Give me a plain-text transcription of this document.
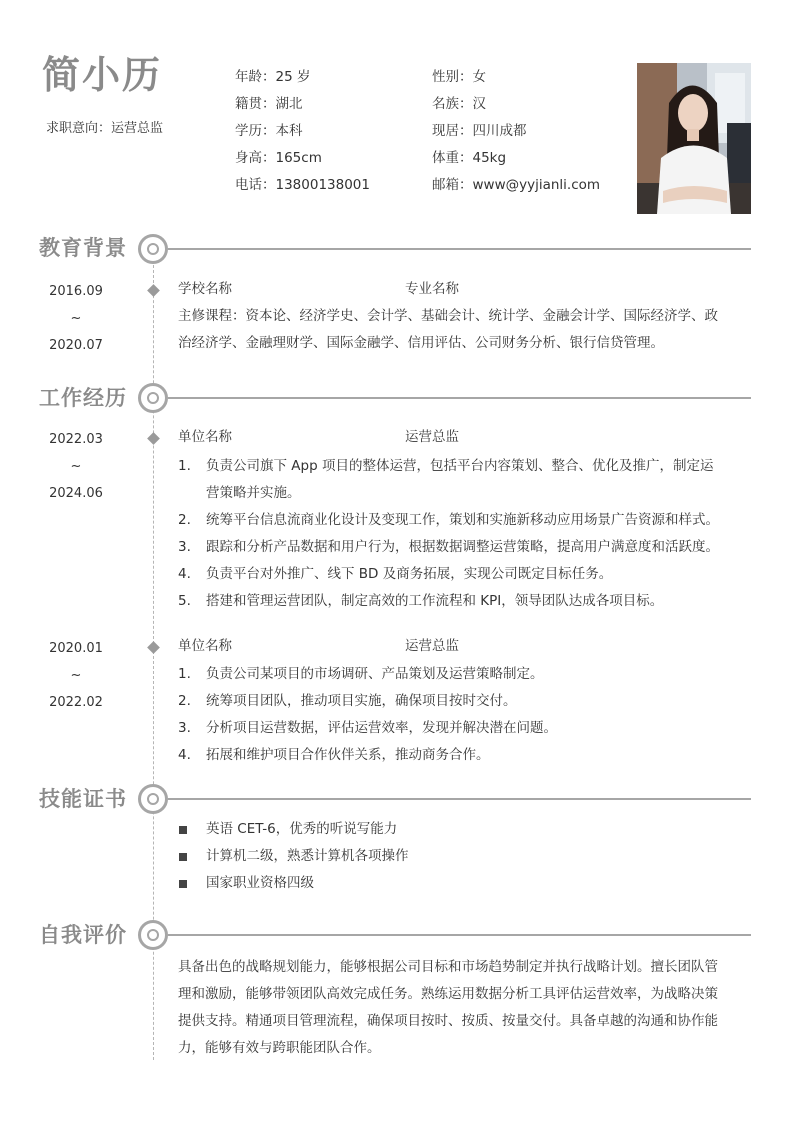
简小历
求职意向：运营总监
年龄：25 岁	性别：女
籍贯：湖北	名族：汉
学历：本科	现居：四川成都
身高：165cm	体重：45kg
电话：13800138001	邮箱：www@yyjianli.com
教育背景
2016.09
~
2020.07
学校名称	专业名称
主修课程：资本论、经济学史、会计学、基础会计、统计学、金融会计学、国际经济学、政
治经济学、金融理财学、国际金融学、信用评估、公司财务分析、银行信贷管理。
工作经历
2022.03
~
2024.06
单位名称	运营总监
1. 负责公司旗下 App 项目的整体运营，包括平台内容策划、整合、优化及推广，制定运
营策略并实施。
2. 统筹平台信息流商业化设计及变现工作，策划和实施新移动应用场景广告资源和样式。
3. 跟踪和分析产品数据和用户行为，根据数据调整运营策略，提高用户满意度和活跃度。
4. 负责平台对外推广、线下 BD 及商务拓展，实现公司既定目标任务。
5. 搭建和管理运营团队，制定高效的工作流程和 KPI，领导团队达成各项目标。
2020.01
~
2022.02
单位名称	运营总监
1. 负责公司某项目的市场调研、产品策划及运营策略制定。
2. 统筹项目团队，推动项目实施，确保项目按时交付。
3. 分析项目运营数据，评估运营效率，发现并解决潜在问题。
4. 拓展和维护项目合作伙伴关系，推动商务合作。
技能证书
英语 CET-6，优秀的听说写能力
计算机二级，熟悉计算机各项操作
国家职业资格四级
自我评价
具备出色的战略规划能力，能够根据公司目标和市场趋势制定并执行战略计划。擅长团队管
理和激励，能够带领团队高效完成任务。熟练运用数据分析工具评估运营效率，为战略决策
提供支持。精通项目管理流程，确保项目按时、按质、按量交付。具备卓越的沟通和协作能
力，能够有效与跨职能团队合作。
